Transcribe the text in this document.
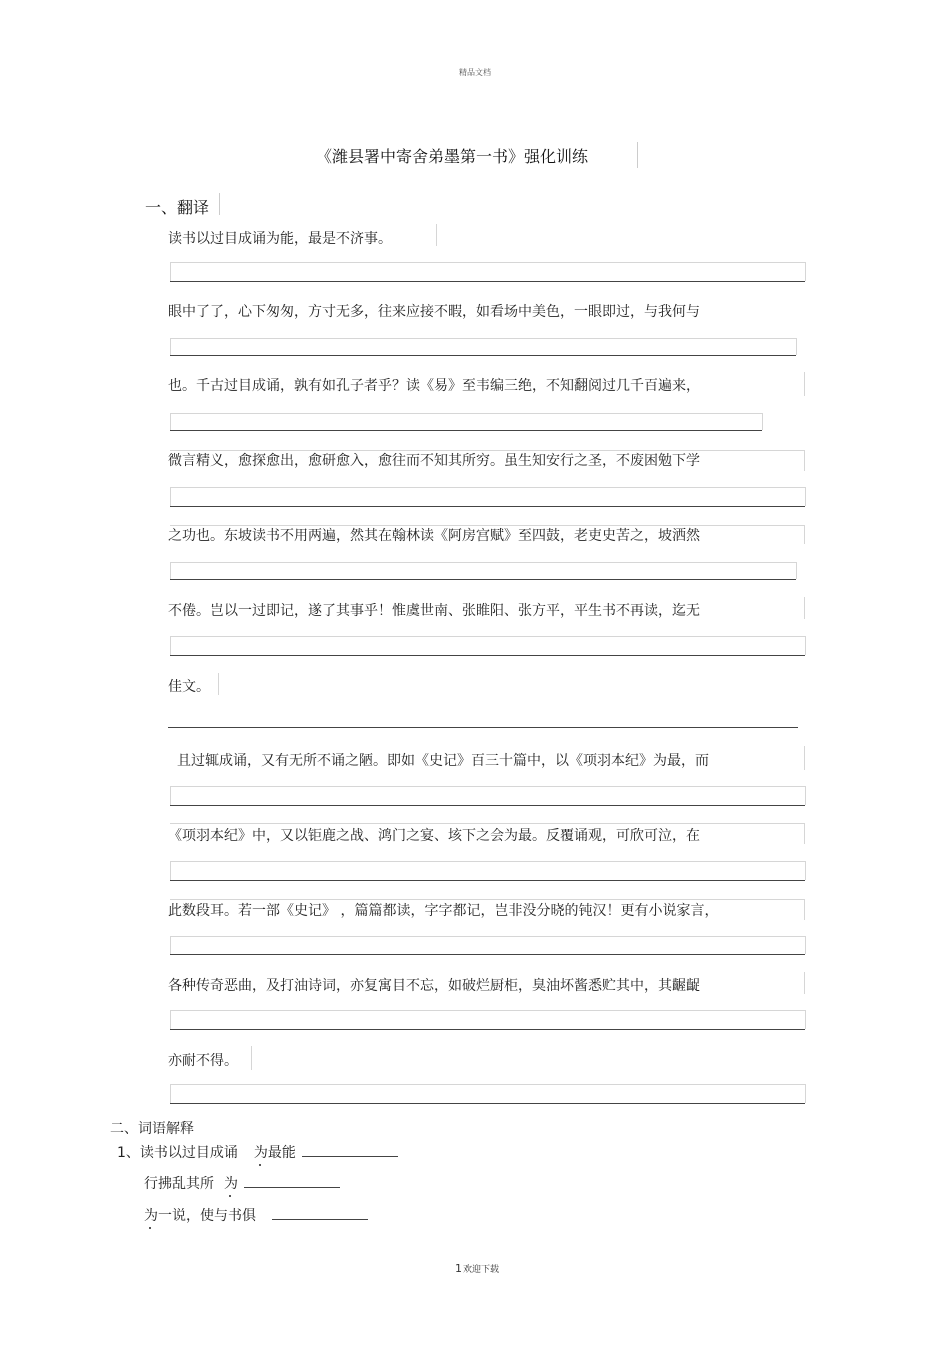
精品文档
《潍县署中寄舍弟墨第一书》强化训练
一、翻译
读书以过目成诵为能，最是不济事。
眼中了了，心下匆匆，方寸无多，往来应接不暇，如看场中美色，一眼即过，与我何与
也。千古过目成诵，孰有如孔子者乎？读《易》至韦编三绝，不知翻阅过几千百遍来，
微言精义，愈探愈出，愈研愈入，愈往而不知其所穷。虽生知安行之圣，不废困勉下学
之功也。东坡读书不用两遍，然其在翰林读《阿房宫赋》至四鼓，老吏史苦之，坡洒然
不倦。岂以一过即记，遂了其事乎！惟虞世南、张睢阳、张方平，平生书不再读，迄无
佳文。
且过辄成诵，又有无所不诵之陋。即如《史记》百三十篇中，以《项羽本纪》为最，而
《项羽本纪》中，又以钜鹿之战、鸿门之宴、垓下之会为最。反覆诵观，可欣可泣，在
此数段耳。若一部《史记》 ，篇篇都读，字字都记，岂非没分晓的钝汉！更有小说家言，
各种传奇恶曲，及打油诗词，亦复寓目不忘，如破烂厨柜，臭油坏酱悉贮其中，其齷齪
亦耐不得。
二、词语解释
1、读书以过目成诵 为最能
行拂乱其所 为
为一说，使与书俱
1欢迎下载
